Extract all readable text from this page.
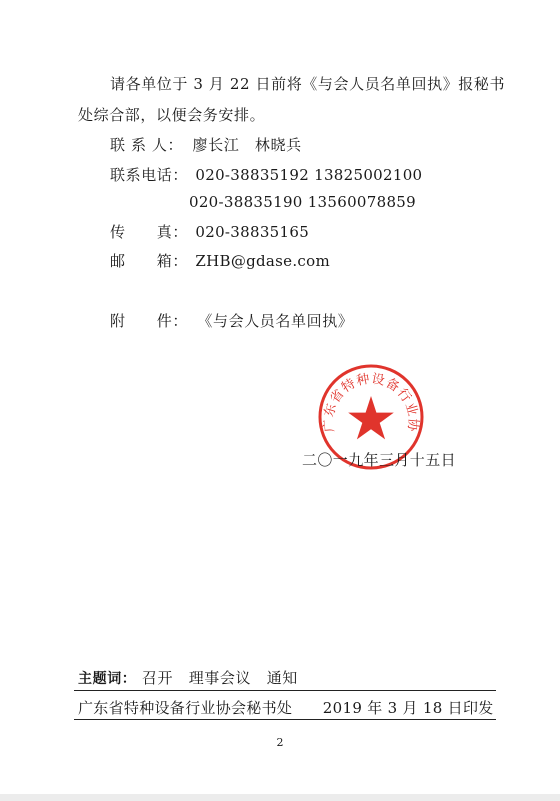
请各单位于 3 月 22 日前将《与会人员名单回执》报秘书
处综合部，以便会务安排。
联 系 人： 廖长江　林晓兵
联系电话： 020-38835192 13825002100
020-38835190 13560078859
传　　真： 020-38835165
邮　　箱： ZHB@gdase.com
附　　件： 《与会人员名单回执》
广东省特种设备行业协
二〇一九年三月十五日
主题词： 召开　理事会议　通知
广东省特种设备行业协会秘书处　　2019 年 3 月 18 日印发
2
